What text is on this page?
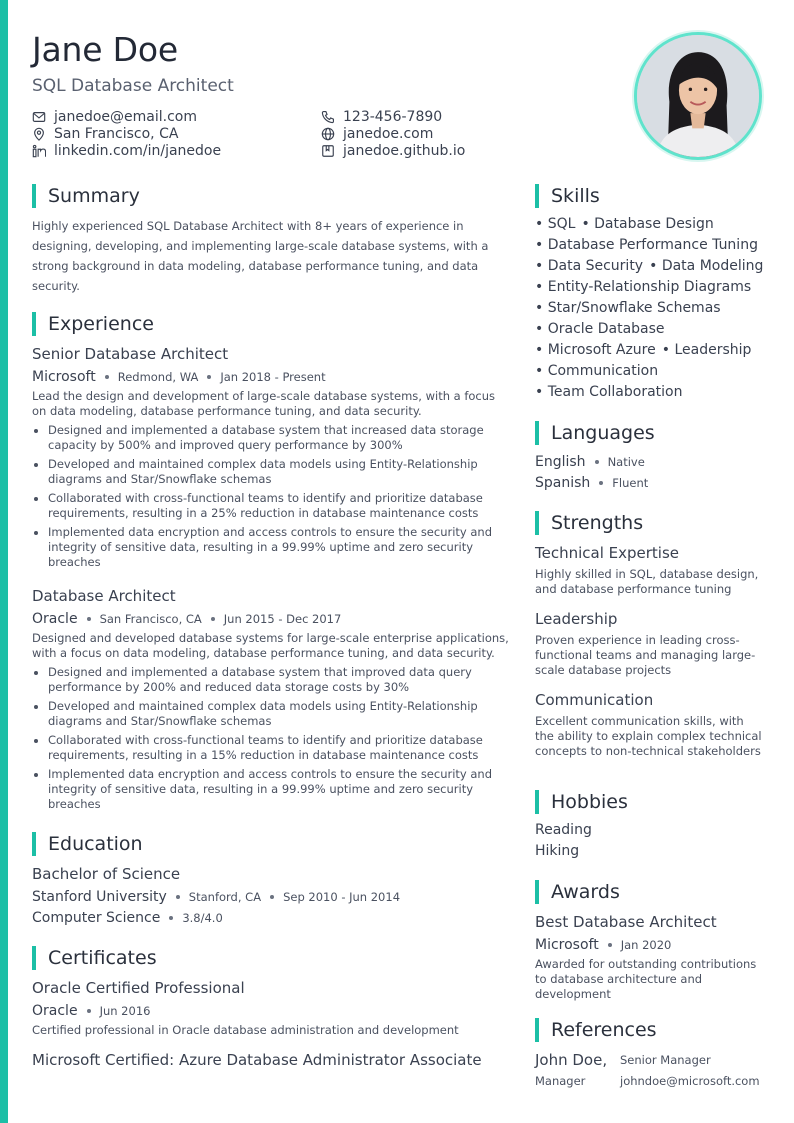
Jane Doe
SQL Database Architect
janedoe@email.com
San Francisco, CA
linkedin.com/in/janedoe
123-456-7890
janedoe.com
janedoe.github.io
Summary
Highly experienced SQL Database Architect with 8+ years of experience in designing, developing, and implementing large-scale database systems, with a strong background in data modeling, database performance tuning, and data security.
Experience
Senior Database Architect
Microsoft Redmond, WA Jan 2018 - Present
Lead the design and development of large-scale database systems, with a focus on data modeling, database performance tuning, and data security.
Designed and implemented a database system that increased data storage capacity by 500% and improved query performance by 300%
Developed and maintained complex data models using Entity-Relationship diagrams and Star/Snowflake schemas
Collaborated with cross-functional teams to identify and prioritize database requirements, resulting in a 25% reduction in database maintenance costs
Implemented data encryption and access controls to ensure the security and integrity of sensitive data, resulting in a 99.99% uptime and zero security breaches
Database Architect
Oracle San Francisco, CA Jun 2015 - Dec 2017
Designed and developed database systems for large-scale enterprise applications, with a focus on data modeling, database performance tuning, and data security.
Designed and implemented a database system that improved data query performance by 200% and reduced data storage costs by 30%
Developed and maintained complex data models using Entity-Relationship diagrams and Star/Snowflake schemas
Collaborated with cross-functional teams to identify and prioritize database requirements, resulting in a 15% reduction in database maintenance costs
Implemented data encryption and access controls to ensure the security and integrity of sensitive data, resulting in a 99.99% uptime and zero security breaches
Education
Bachelor of Science
Stanford University Stanford, CA Sep 2010 - Jun 2014
Computer Science 3.8/4.0
Certificates
Oracle Certified Professional
Oracle Jun 2016
Certified professional in Oracle database administration and development
Microsoft Certified: Azure Database Administrator Associate
Skills
• SQL • Database Design
• Database Performance Tuning
• Data Security • Data Modeling
• Entity-Relationship Diagrams
• Star/Snowflake Schemas
• Oracle Database
• Microsoft Azure • Leadership
• Communication
• Team Collaboration
Languages
English Native
Spanish Fluent
Strengths
Technical Expertise
Highly skilled in SQL, database design, and database performance tuning
Leadership
Proven experience in leading cross-functional teams and managing large-scale database projects
Communication
Excellent communication skills, with the ability to explain complex technical concepts to non-technical stakeholders
Hobbies
Reading
Hiking
Awards
Best Database Architect
Microsoft Jan 2020
Awarded for outstanding contributions to database architecture and development
References
John Doe, Senior Manager
Manager	johndoe@microsoft.com
